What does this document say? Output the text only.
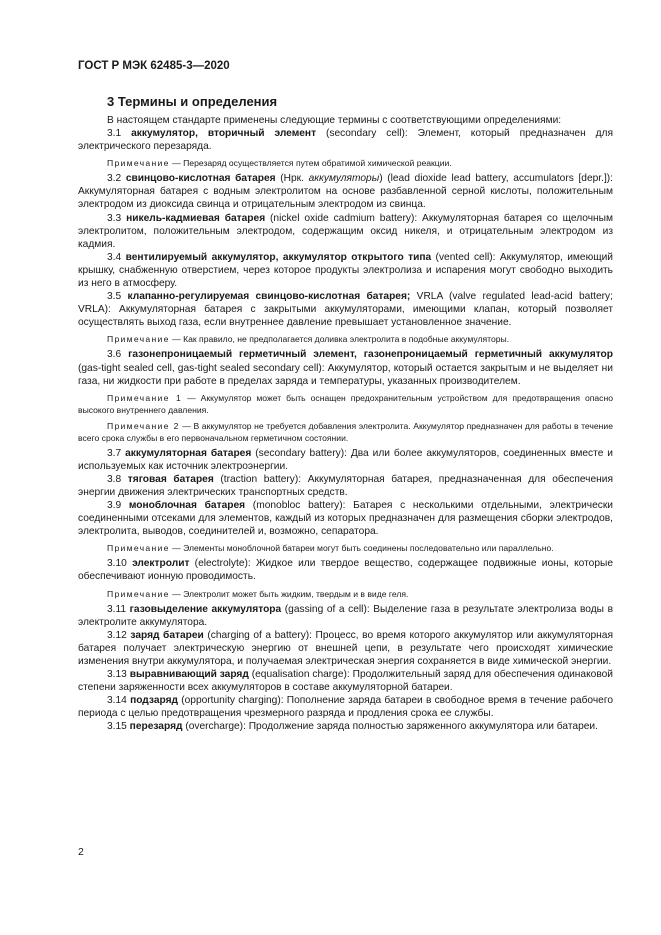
ГОСТ Р МЭК 62485-3—2020
3 Термины и определения

В настоящем стандарте применены следующие термины с соответствующими определениями:

3.1 аккумулятор, вторичный элемент (secondary cell): Элемент, который предназначен для электрического перезаряда.

Примечание — Перезаряд осуществляется путем обратимой химической реакции.

3.2 свинцово-кислотная батарея (Нрк. аккумуляторы) (lead dioxide lead battery, accumulators [depr.]): Аккумуляторная батарея с водным электролитом на основе разбавленной серной кислоты, положительным электродом из диоксида свинца и отрицательным электродом из свинца.

3.3 никель-кадмиевая батарея (nickel oxide cadmium battery): Аккумуляторная батарея со щелочным электролитом, положительным электродом, содержащим оксид никеля, и отрицательным электродом из кадмия.

3.4 вентилируемый аккумулятор, аккумулятор открытого типа (vented cell): Аккумулятор, имеющий крышку, снабженную отверстием, через которое продукты электролиза и испарения могут свободно выходить из него в атмосферу.

3.5 клапанно-регулируемая свинцово-кислотная батарея; VRLA (valve regulated lead-acid battery; VRLA): Аккумуляторная батарея с закрытыми аккумуляторами, имеющими клапан, который позволяет осуществлять выход газа, если внутреннее давление превышает установленное значение.

Примечание — Как правило, не предполагается доливка электролита в подобные аккумуляторы.

3.6 газонепроницаемый герметичный элемент, газонепроницаемый герметичный аккумулятор (gas-tight sealed cell, gas-tight sealed secondary cell): Аккумулятор, который остается закрытым и не выделяет ни газа, ни жидкости при работе в пределах заряда и температуры, указанных производителем.

Примечание 1 — Аккумулятор может быть оснащен предохранительным устройством для предотвращения опасно высокого внутреннего давления.

Примечание 2 — В аккумулятор не требуется добавления электролита. Аккумулятор предназначен для работы в течение всего срока службы в его первоначальном герметичном состоянии.

3.7 аккумуляторная батарея (secondary battery): Два или более аккумуляторов, соединенных вместе и используемых как источник электроэнергии.

3.8 тяговая батарея (traction battery): Аккумуляторная батарея, предназначенная для обеспечения энергии движения электрических транспортных средств.

3.9 моноблочная батарея (monobloc battery): Батарея с несколькими отдельными, электрически соединенными отсеками для элементов, каждый из которых предназначен для размещения сборки электродов, электролита, выводов, соединителей и, возможно, сепаратора.

Примечание — Элементы моноблочной батареи могут быть соединены последовательно или параллельно.

3.10 электролит (electrolyte): Жидкое или твердое вещество, содержащее подвижные ионы, которые обеспечивают ионную проводимость.

Примечание — Электролит может быть жидким, твердым и в виде геля.

3.11 газовыделение аккумулятора (gassing of a cell): Выделение газа в результате электролиза воды в электролите аккумулятора.

3.12 заряд батареи (charging of a battery): Процесс, во время которого аккумулятор или аккумуляторная батарея получает электрическую энергию от внешней цепи, в результате чего происходят химические изменения внутри аккумулятора, и получаемая электрическая энергия сохраняется в виде химической энергии.

3.13 выравнивающий заряд (equalisation charge): Продолжительный заряд для обеспечения одинаковой степени заряженности всех аккумуляторов в составе аккумуляторной батареи.

3.14 подзаряд (opportunity charging): Пополнение заряда батареи в свободное время в течение рабочего периода с целью предотвращения чрезмерного разряда и продления срока ее службы.

3.15 перезаряд (overcharge): Продолжение заряда полностью заряженного аккумулятора или батареи.

2
